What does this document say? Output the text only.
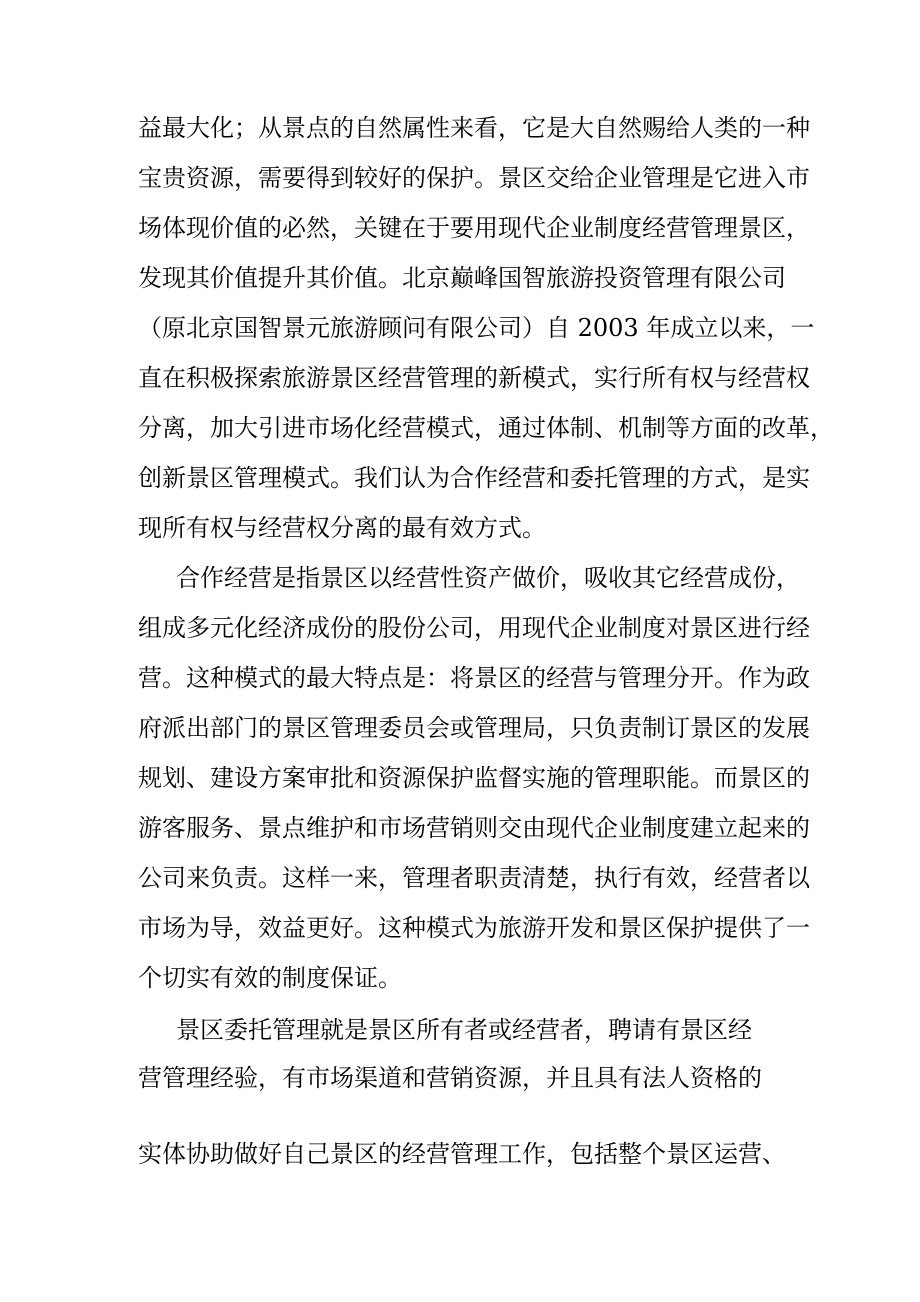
益最大化；从景点的自然属性来看，它是大自然赐给人类的一种
宝贵资源，需要得到较好的保护。景区交给企业管理是它进入市
场体现价值的必然，关键在于要用现代企业制度经营管理景区，
发现其价值提升其价值。北京巅峰国智旅游投资管理有限公司
（原北京国智景元旅游顾问有限公司）自 2003 年成立以来，一
直在积极探索旅游景区经营管理的新模式，实行所有权与经营权
分离，加大引进市场化经营模式，通过体制、机制等方面的改革，
创新景区管理模式。我们认为合作经营和委托管理的方式，是实
现所有权与经营权分离的最有效方式。
合作经营是指景区以经营性资产做价，吸收其它经营成份，
组成多元化经济成份的股份公司，用现代企业制度对景区进行经
营。这种模式的最大特点是：将景区的经营与管理分开。作为政
府派出部门的景区管理委员会或管理局，只负责制订景区的发展
规划、建设方案审批和资源保护监督实施的管理职能。而景区的
游客服务、景点维护和市场营销则交由现代企业制度建立起来的
公司来负责。这样一来，管理者职责清楚，执行有效，经营者以
市场为导，效益更好。这种模式为旅游开发和景区保护提供了一
个切实有效的制度保证。
景区委托管理就是景区所有者或经营者，聘请有景区经
营管理经验，有市场渠道和营销资源，并且具有法人资格的
实体协助做好自己景区的经营管理工作，包括整个景区运营、
